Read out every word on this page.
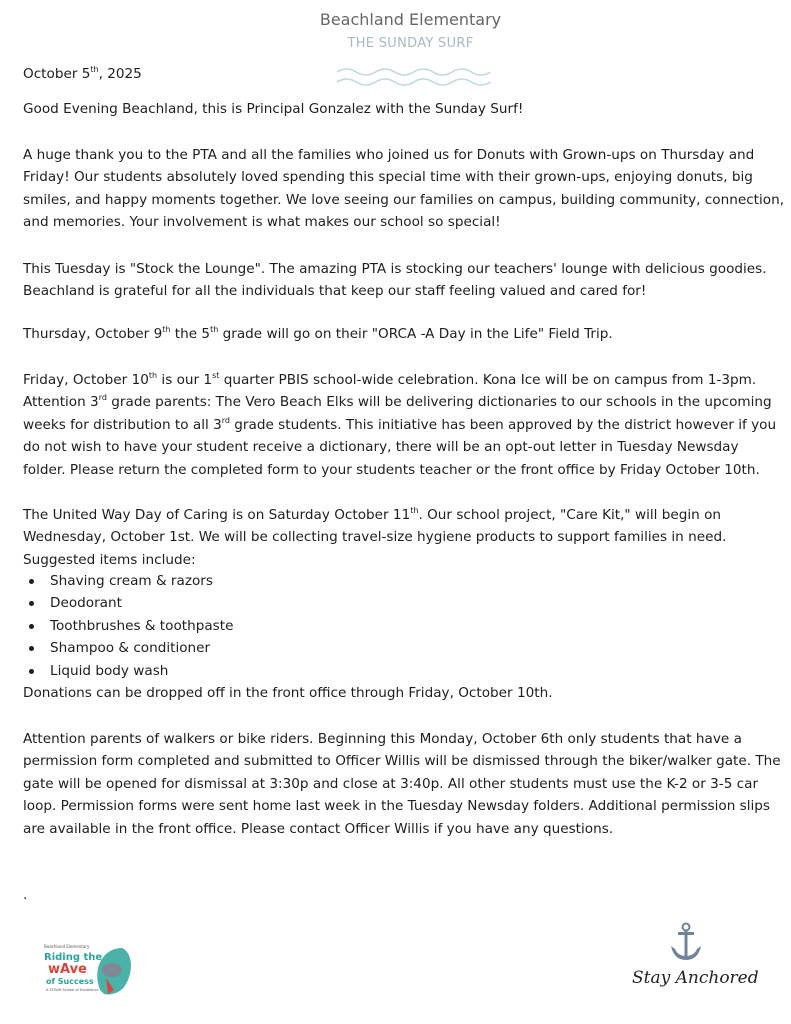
Beachland Elementary
THE SUNDAY SURF
October 5th, 2025
Good Evening Beachland, this is Principal Gonzalez with the Sunday Surf!
A huge thank you to the PTA and all the families who joined us for Donuts with Grown-ups on Thursday and
Friday! Our students absolutely loved spending this special time with their grown-ups, enjoying donuts, big
smiles, and happy moments together. We love seeing our families on campus, building community, connection,
and memories. Your involvement is what makes our school so special!
This Tuesday is "Stock the Lounge". The amazing PTA is stocking our teachers' lounge with delicious goodies.
Beachland is grateful for all the individuals that keep our staff feeling valued and cared for!
Thursday, October 9th the 5th grade will go on their "ORCA -A Day in the Life" Field Trip.
Friday, October 10th is our 1st quarter PBIS school-wide celebration. Kona Ice will be on campus from 1-3pm.
Attention 3rd grade parents: The Vero Beach Elks will be delivering dictionaries to our schools in the upcoming
weeks for distribution to all 3rd grade students. This initiative has been approved by the district however if you
do not wish to have your student receive a dictionary, there will be an opt-out letter in Tuesday Newsday
folder. Please return the completed form to your students teacher or the front office by Friday October 10th.
The United Way Day of Caring is on Saturday October 11th. Our school project, "Care Kit," will begin on
Wednesday, October 1st. We will be collecting travel-size hygiene products to support families in need.
Suggested items include:
Shaving cream & razors
Deodorant
Toothbrushes & toothpaste
Shampoo & conditioner
Liquid body wash
Donations can be dropped off in the front office through Friday, October 10th.
Attention parents of walkers or bike riders. Beginning this Monday, October 6th only students that have a
permission form completed and submitted to Officer Willis will be dismissed through the biker/walker gate. The
gate will be opened for dismissal at 3:30p and close at 3:40p. All other students must use the K-2 or 3-5 car
loop. Permission forms were sent home last week in the Tuesday Newsday folders. Additional permission slips
are available in the front office. Please contact Officer Willis if you have any questions.
.
Beachland Elementary
Riding the
wAve
of Success
A STEAM School of Excellence
Stay Anchored
